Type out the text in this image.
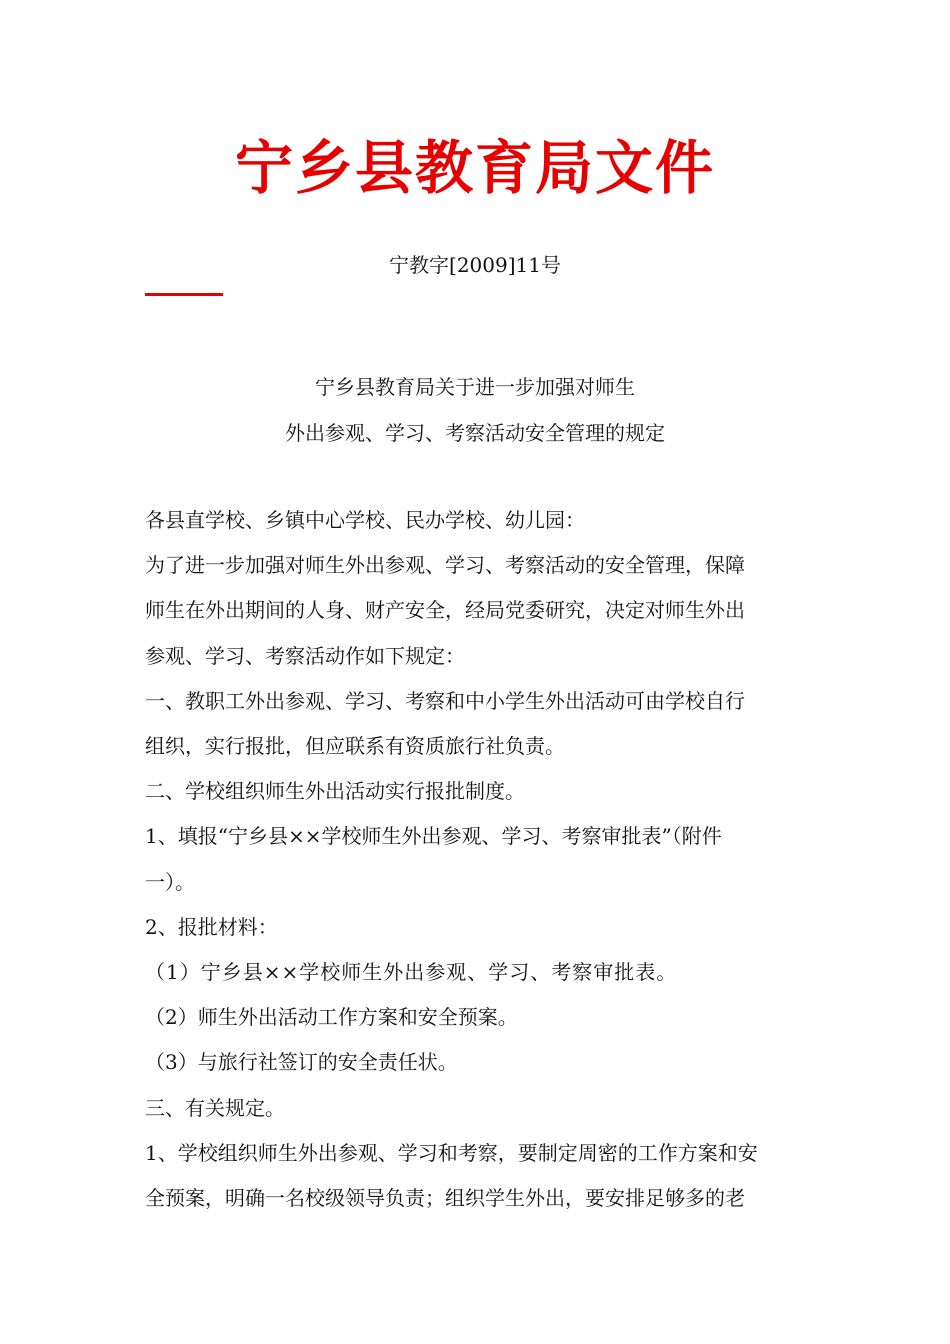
宁乡县教育局文件
宁教字[2009]11号
宁乡县教育局关于进一步加强对师生
外出参观、学习、考察活动安全管理的规定

各县直学校、乡镇中心学校、民办学校、幼儿园：

为了进一步加强对师生外出参观、学习、考察活动的安全管理，保障

师生在外出期间的人身、财产安全，经局党委研究，决定对师生外出

参观、学习、考察活动作如下规定：

一、教职工外出参观、学习、考察和中小学生外出活动可由学校自行

组织，实行报批，但应联系有资质旅行社负责。

二、学校组织师生外出活动实行报批制度。

1、填报“宁乡县××学校师生外出参观、学习、考察审批表”（附件

一）。

2、报批材料：

（1）宁乡县××学校师生外出参观、学习、考察审批表。

（2）师生外出活动工作方案和安全预案。

（3）与旅行社签订的安全责任状。

三、有关规定。

1、学校组织师生外出参观、学习和考察，要制定周密的工作方案和安

全预案，明确一名校级领导负责；组织学生外出，要安排足够多的老
